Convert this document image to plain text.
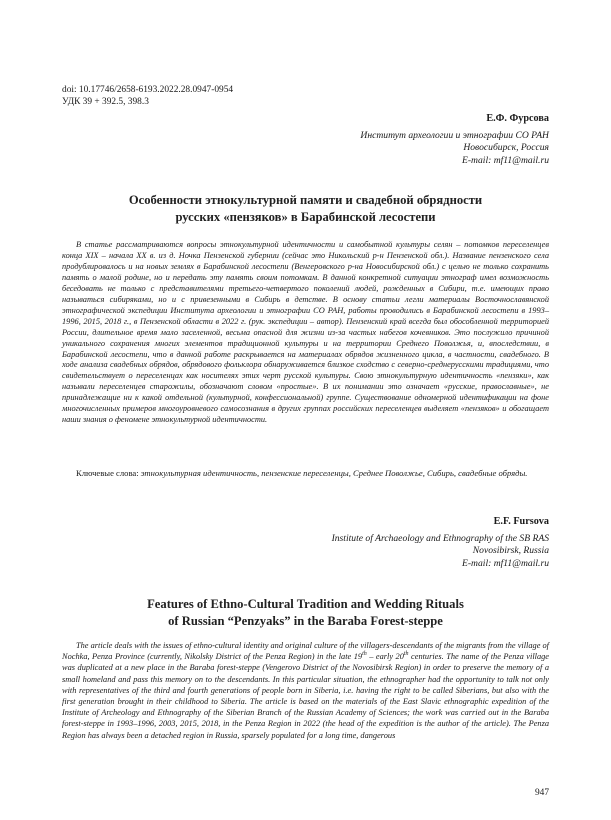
doi: 10.17746/2658-6193.2022.28.0947-0954
УДК 39 + 392.5, 398.3
Е.Ф. Фурсова
Институт археологии и этнографии СО РАН
Новосибирск, Россия
E-mail: mf11@mail.ru
Особенности этнокультурной памяти и свадебной обрядности
русских «пензяков» в Барабинской лесостепи

В статье рассматриваются вопросы этнокультурной идентичности и самобытной культуры селян – потомков переселенцев конца XIX – начала XX в. из д. Ночка Пензенской губернии (сейчас это Никольский р-н Пензенской обл.). Название пензенского села продублировалось и на новых землях в Барабинской лесостепи (Венгеровского р-на Новосибирской обл.) с целью не только сохранить память о малой родине, но и передать эту память своим потомкам. В данной конкретной ситуации этнограф имел возможность беседовать не только с представителями третьего-четвертого поколений людей, рожденных в Сибири, т.е. имеющих право называться сибиряками, но и с привезенными в Сибирь в детстве. В основу статьи легли материалы Восточнославянской этнографической экспедиции Института археологии и этнографии СО РАН, работы проводились в Барабинской лесостепи в 1993–1996, 2015, 2018 г., в Пензенской области в 2022 г. (рук. экспедиции – автор). Пензенский край всегда был обособленной территорией России, длительное время мало заселенной, весьма опасной для жизни из-за частых набегов кочевников. Это послужило причиной уникального сохранения многих элементов традиционной культуры и на территории Среднего Поволжья, и, впоследствии, в Барабинской лесостепи, что в данной работе раскрывается на материалах обрядов жизненного цикла, в частности, свадебного. В ходе анализа свадебных обрядов, обрядового фольклора обнаруживается близкое сходство с северно-среднерусскими традициями, что свидетельствует о переселенцах как носителях этих черт русской культуры. Свою этнокультурную идентичность «пензяки», как называли переселенцев старожилы, обозначают словом «простые». В их понимании это означает «русские, православные», не принадлежащие ни к какой отдельной (культурной, конфессиональной) группе. Существование одномерной идентификации на фоне многочисленных примеров многоуровневого самосознания в других группах российских переселенцев выделяет «пензяков» и обогащает наши знания о феномене этнокультурной идентичности.

Ключевые слова: этнокультурная идентичность, пензенские переселенцы, Среднее Поволжье, Сибирь, свадебные обряды.

E.F. Fursova
Institute of Archaeology and Ethnography of the SB RAS
Novosibirsk, Russia
E-mail: mf11@mail.ru
Features of Ethno-Cultural Tradition and Wedding Rituals
of Russian “Penzyaks” in the Baraba Forest-steppe

The article deals with the issues of ethno-cultural identity and original culture of the villagers-descendants of the migrants from the village of Nochka, Penza Province (currently, Nikolsky District of the Penza Region) in the late 19th – early 20th centuries. The name of the Penza village was duplicated at a new place in the Baraba forest-steppe (Vengerovo District of the Novosibirsk Region) in order to preserve the memory of a small homeland and pass this memory on to the descendants. In this particular situation, the ethnographer had the opportunity to talk not only with representatives of the third and fourth generations of people born in Siberia, i.e. having the right to be called Siberians, but also with the first generation brought in their childhood to Siberia. The article is based on the materials of the East Slavic ethnographic expedition of the Institute of Archeology and Ethnography of the Siberian Branch of the Russian Academy of Sciences; the work was carried out in the Baraba forest-steppe in 1993–1996, 2003, 2015, 2018, in the Penza Region in 2022 (the head of the expedition is the author of the article). The Penza Region has always been a detached region in Russia, sparsely populated for a long time, dangerous

947
